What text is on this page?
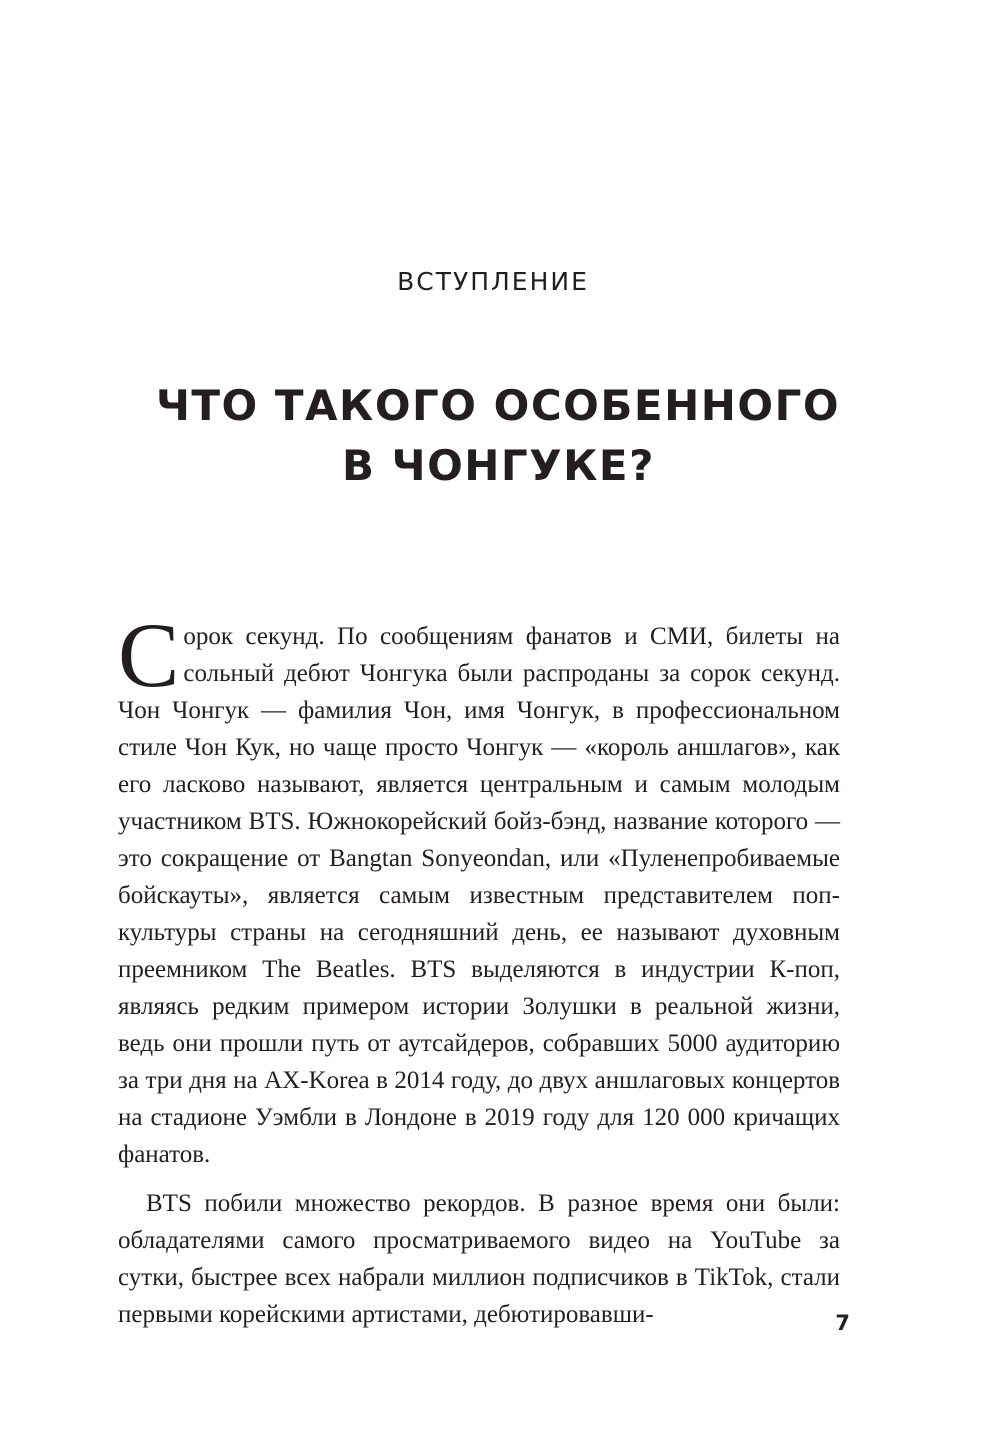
ВСТУПЛЕНИЕ
ЧТО ТАКОГО ОСОБЕННОГО
В ЧОНГУКЕ?

Сорок секунд. По сообщениям фанатов и СМИ, билеты на сольный дебют Чонгука были распроданы за сорок секунд. Чон Чонгук — фамилия Чон, имя Чонгук, в профессиональном стиле Чон Кук, но чаще просто Чонгук — «король аншлагов», как его ласково называют, является центральным и самым молодым участником BTS. Южнокорейский бойз-бэнд, название которого — это сокращение от Bangtan Sonyeondan, или «Пуленепробиваемые бойскауты», является самым известным представителем поп-культуры страны на сегодняшний день, ее называют духовным преемником The Beatles. BTS выделяются в индустрии К-поп, являясь редким примером истории Золушки в реальной жизни, ведь они прошли путь от аутсайдеров, собравших 5000 аудиторию за три дня на AX-Korea в 2014 году, до двух аншлаговых концертов на стадионе Уэмбли в Лондоне в 2019 году для 120 000 кричащих фанатов.

BTS побили множество рекордов. В разное время они были: обладателями самого просматриваемого видео на YouTube за сутки, быстрее всех набрали миллион подписчиков в TikTok, стали первыми корейскими артистами, дебютировавши-	7
